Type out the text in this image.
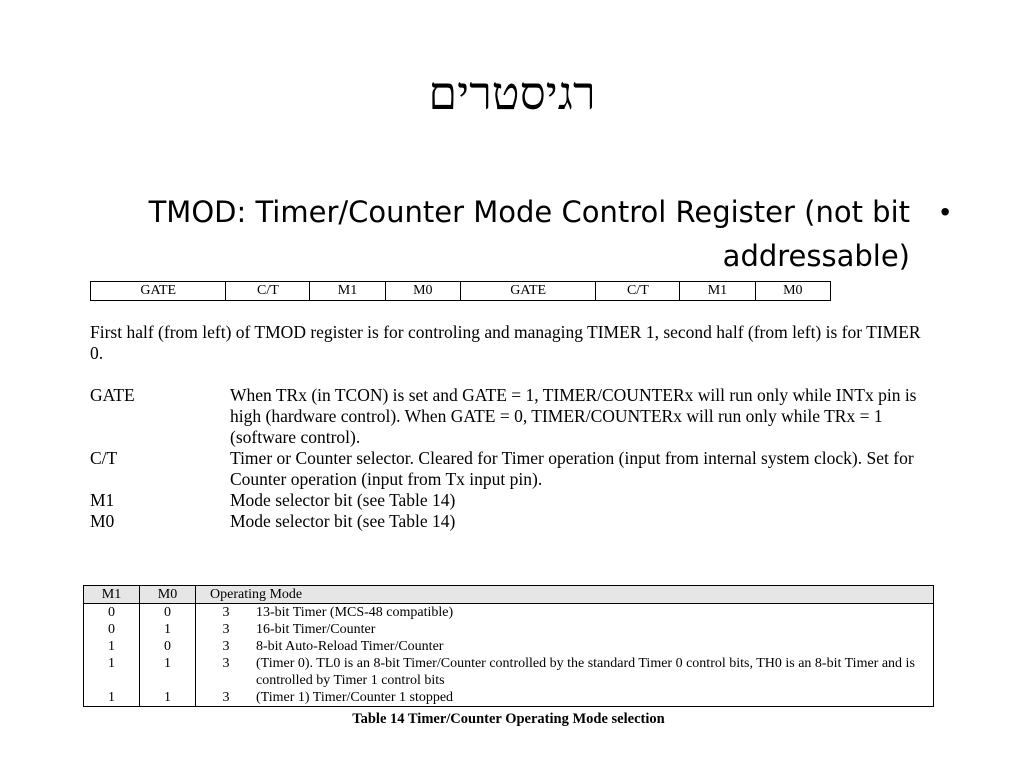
רגיסטרים
•
TMOD: Timer/Counter Mode Control Register (not bit addressable)
GATE	C/T	M1	M0	GATE	C/T	M1	M0

First half (from left) of TMOD register is for controling and managing TIMER 1, second half (from left) is for TIMER 0.

GATE	When TRx (in TCON) is set and GATE = 1, TIMER/COUNTERx will run only while INTx pin is high (hardware control). When GATE = 0, TIMER/COUNTERx will run only while TRx = 1 (software control).
C/T	Timer or Counter selector. Cleared for Timer operation (input from internal system clock). Set for Counter operation (input from Tx input pin).
M1	Mode selector bit (see Table 14)
M0	Mode selector bit (see Table 14)
M1	M0	Operating Mode	
0	0	3	13-bit Timer (MCS-48 compatible)
0	1	3	16-bit Timer/Counter
1	0	3	8-bit Auto-Reload Timer/Counter
1	1	3	(Timer 0). TL0 is an 8-bit Timer/Counter controlled by the standard Timer 0 control bits, TH0 is an 8-bit Timer and is controlled by Timer 1 control bits
1	1	3	(Timer 1) Timer/Counter 1 stopped
Table 14 Timer/Counter Operating Mode selection
